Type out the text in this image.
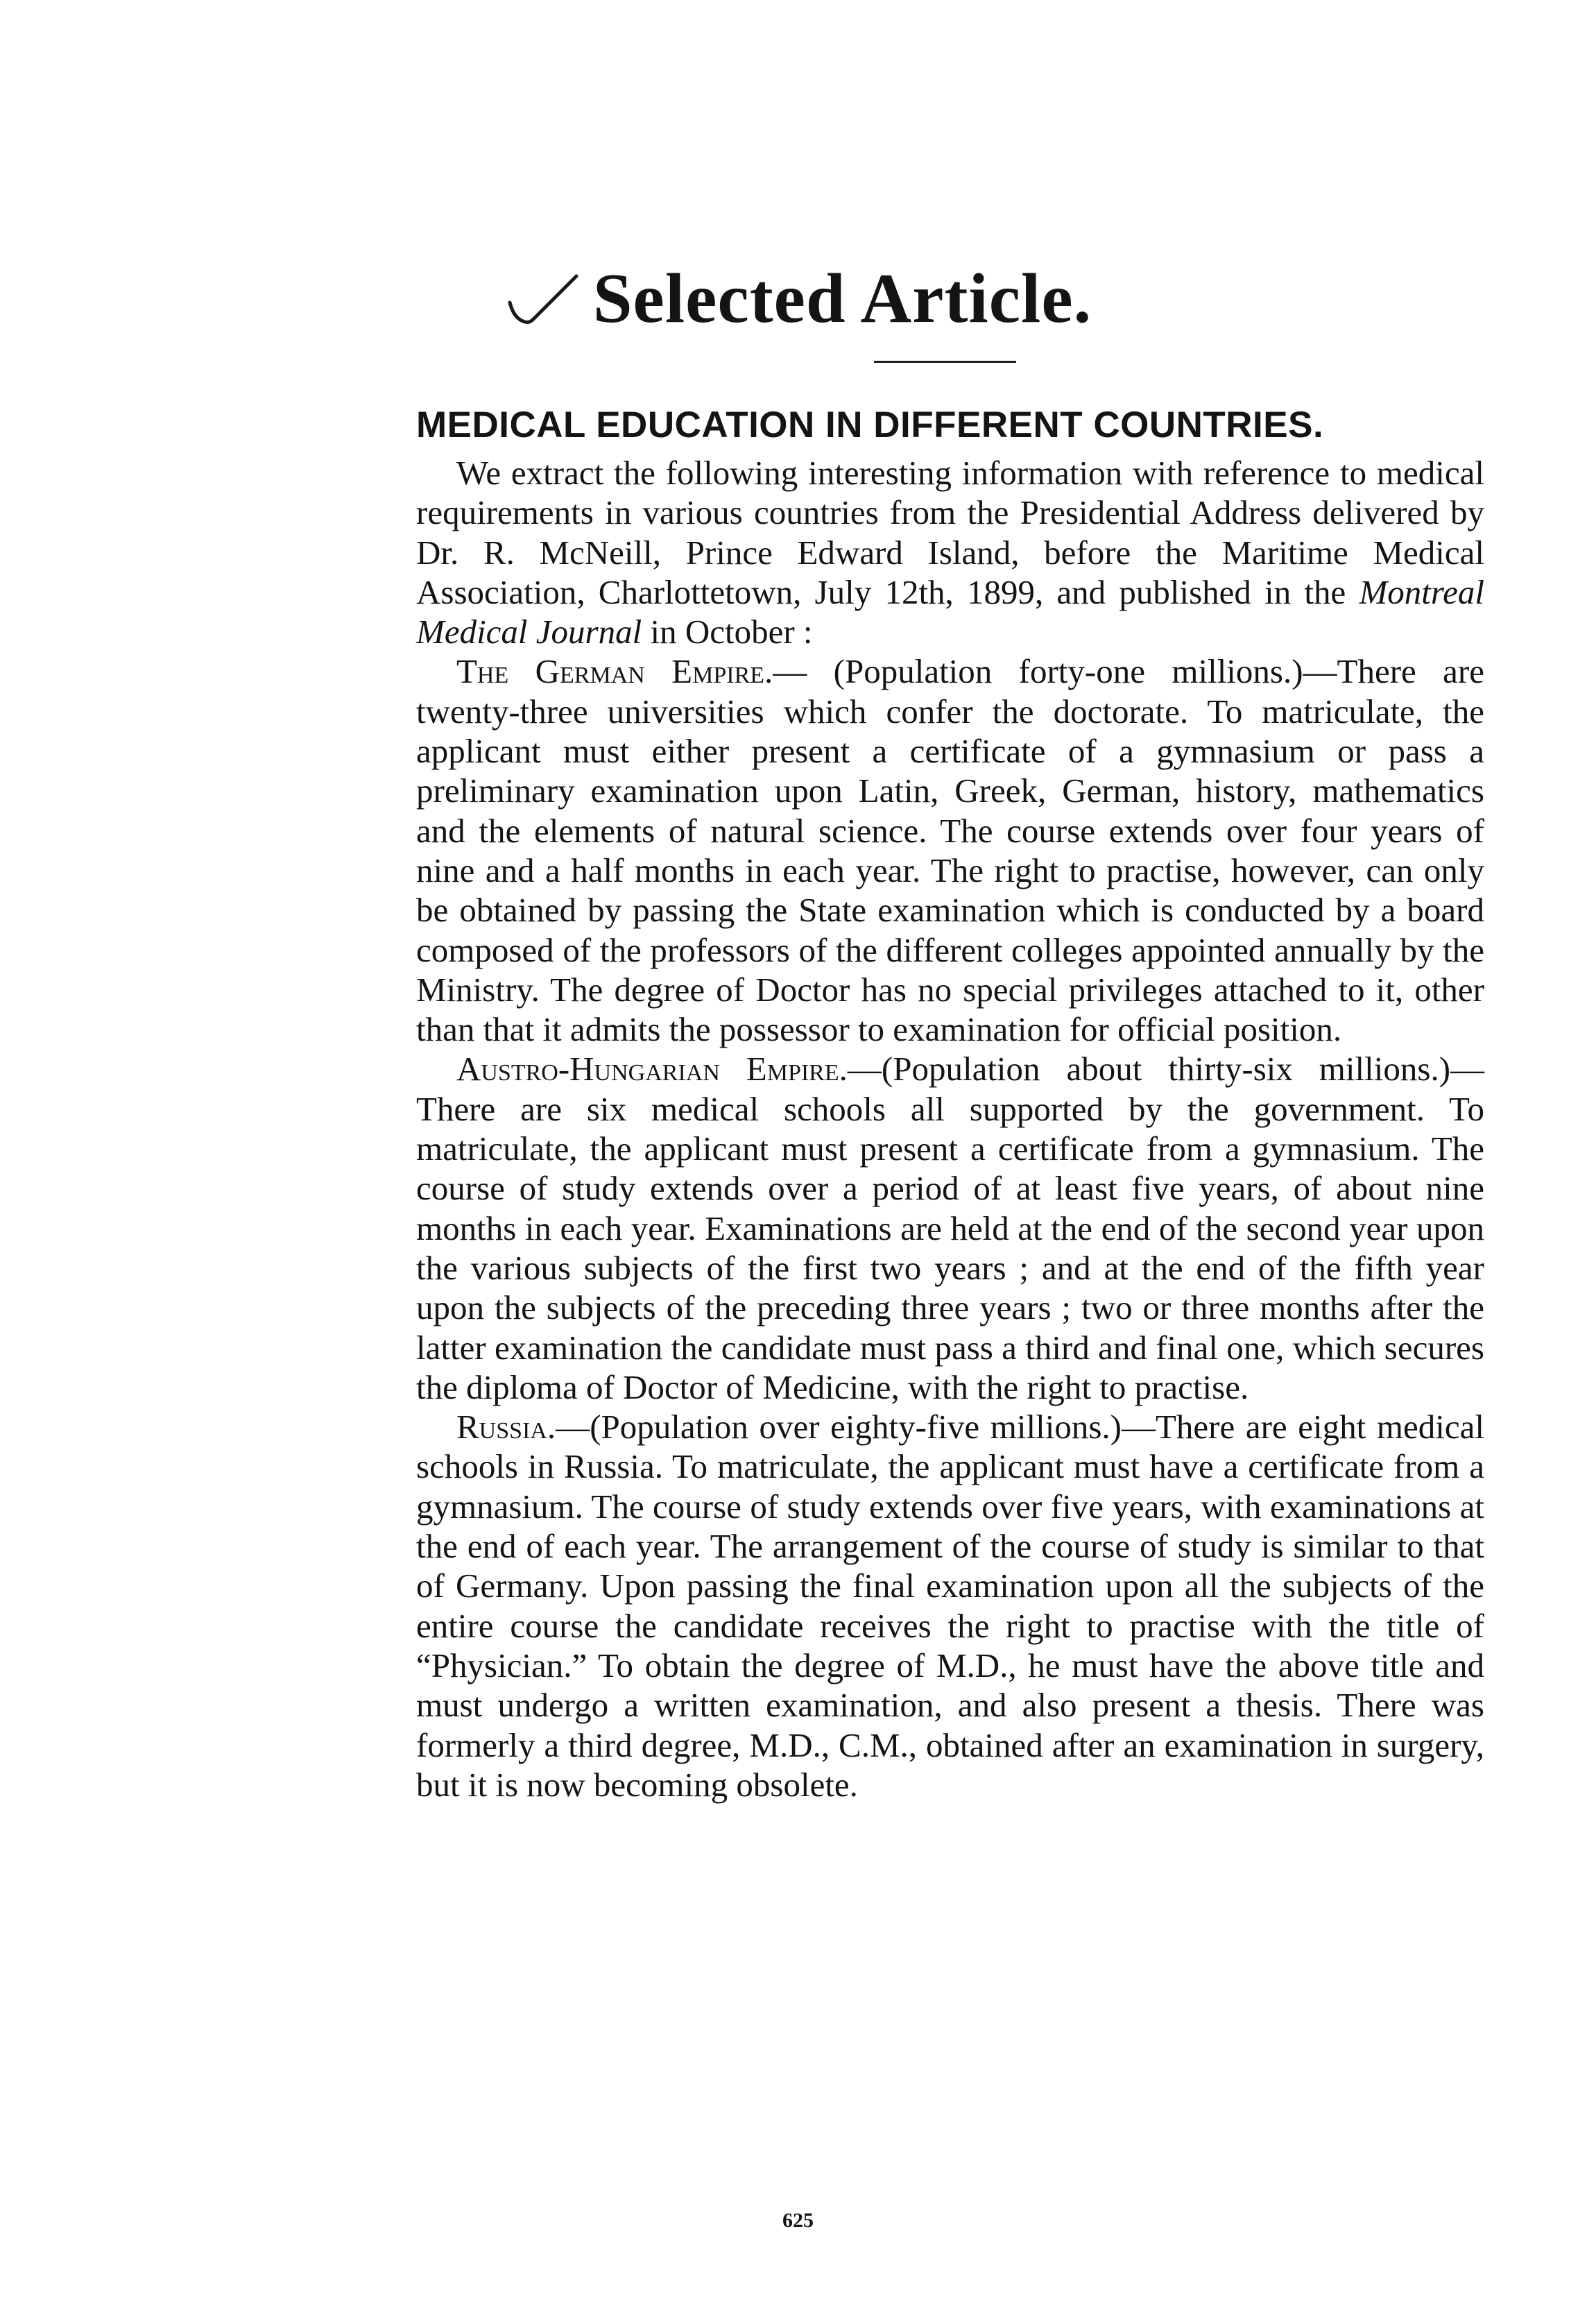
Selected Article.
MEDICAL EDUCATION IN DIFFERENT COUNTRIES.

We extract the following interesting information with reference to medical requirements in various countries from the Presidential Address delivered by Dr. R. McNeill, Prince Edward Island, before the Maritime Medical Association, Charlottetown, July 12th, 1899, and published in the Montreal Medical Journal in October :

The German Empire.— (Population forty-one millions.)—There are twenty-three universities which confer the doctorate. To matriculate, the applicant must either present a certificate of a gymnasium or pass a preliminary examination upon Latin, Greek, German, history, mathematics and the elements of natural science. The course extends over four years of nine and a half months in each year. The right to practise, however, can only be obtained by passing the State examination which is conducted by a board composed of the professors of the different colleges appointed annually by the Ministry. The degree of Doctor has no special privileges attached to it, other than that it admits the possessor to examination for official position.

Austro-Hungarian Empire.—(Population about thirty-six millions.)—There are six medical schools all supported by the government. To matriculate, the applicant must present a certificate from a gymnasium. The course of study extends over a period of at least five years, of about nine months in each year. Examinations are held at the end of the second year upon the various subjects of the first two years ; and at the end of the fifth year upon the subjects of the preceding three years ; two or three months after the latter examination the candidate must pass a third and final one, which secures the diploma of Doctor of Medicine, with the right to practise.

Russia.—(Population over eighty-five millions.)—There are eight medical schools in Russia. To matriculate, the applicant must have a certificate from a gymnasium. The course of study extends over five years, with examinations at the end of each year. The arrangement of the course of study is similar to that of Germany. Upon passing the final examination upon all the subjects of the entire course the candidate receives the right to practise with the title of “Physician.” To obtain the degree of M.D., he must have the above title and must undergo a written examination, and also present a thesis. There was formerly a third degree, M.D., C.M., obtained after an examination in surgery, but it is now becoming obsolete.

625
